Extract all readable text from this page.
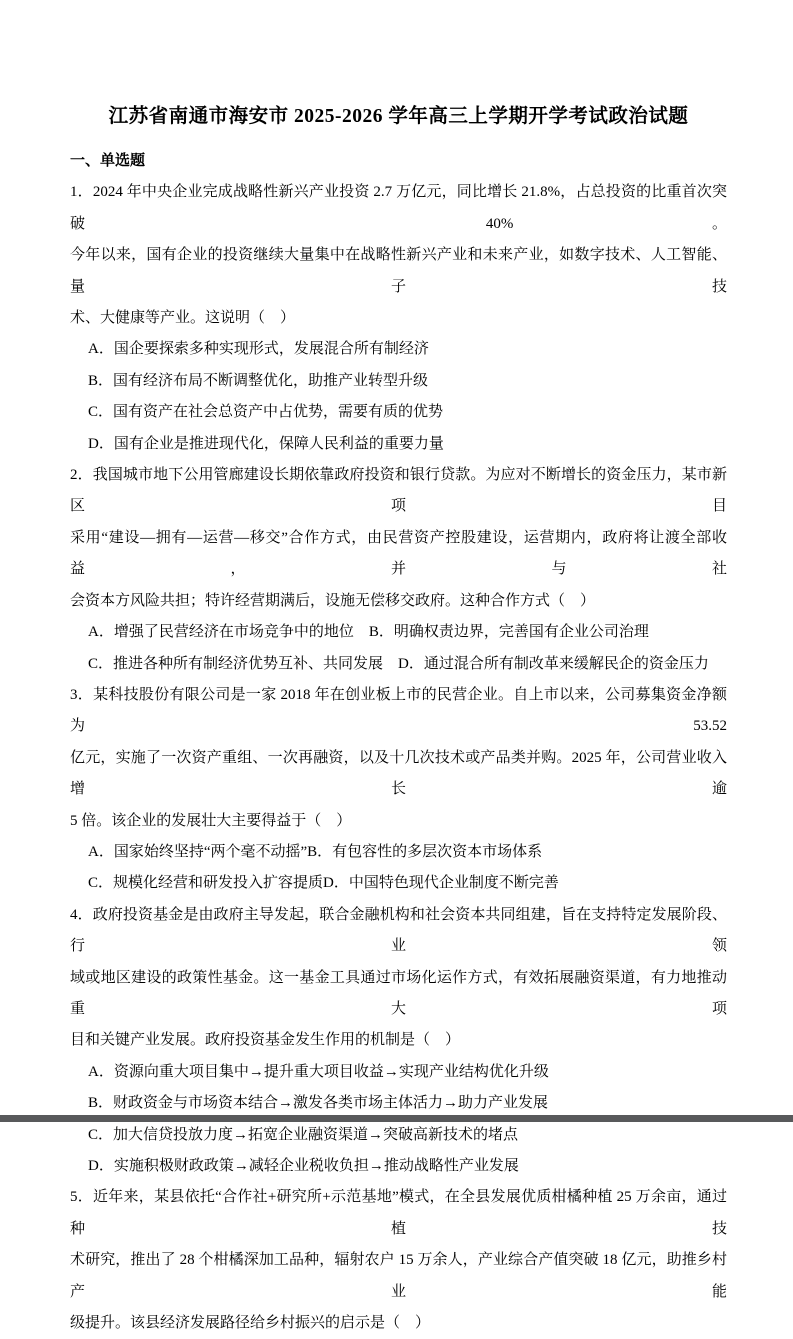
江苏省南通市海安市 2025-2026 学年高三上学期开学考试政治试题
一、单选题
1．2024 年中央企业完成战略性新兴产业投资 2.7 万亿元，同比增长 21.8%，占总投资的比重首次突破 40%。
今年以来，国有企业的投资继续大量集中在战略性新兴产业和未来产业，如数字技术、人工智能、量子技
术、大健康等产业。这说明（　）
A．国企要探索多种实现形式，发展混合所有制经济
B．国有经济布局不断调整优化，助推产业转型升级
C．国有资产在社会总资产中占优势，需要有质的优势
D．国有企业是推进现代化，保障人民利益的重要力量
2．我国城市地下公用管廊建设长期依靠政府投资和银行贷款。为应对不断增长的资金压力，某市新区项目
采用“建设—拥有—运营—移交”合作方式，由民营资产控股建设，运营期内，政府将让渡全部收益，并与社
会资本方风险共担；特许经营期满后，设施无偿移交政府。这种合作方式（　）
A．增强了民营经济在市场竞争中的地位　B．明确权责边界，完善国有企业公司治理
C．推进各种所有制经济优势互补、共同发展　D．通过混合所有制改革来缓解民企的资金压力
3．某科技股份有限公司是一家 2018 年在创业板上市的民营企业。自上市以来，公司募集资金净额为 53.52
亿元，实施了一次资产重组、一次再融资，以及十几次技术或产品类并购。2025 年，公司营业收入增长逾
5 倍。该企业的发展壮大主要得益于（　）
A．国家始终坚持“两个毫不动摇” B．有包容性的多层次资本市场体系
C．规模化经营和研发投入扩容提质 D．中国特色现代企业制度不断完善
4．政府投资基金是由政府主导发起，联合金融机构和社会资本共同组建，旨在支持特定发展阶段、行业领
域或地区建设的政策性基金。这一基金工具通过市场化运作方式，有效拓展融资渠道，有力地推动重大项
目和关键产业发展。政府投资基金发生作用的机制是（　）
A．资源向重大项目集中→提升重大项目收益→实现产业结构优化升级
B．财政资金与市场资本结合→激发各类市场主体活力→助力产业发展
C．加大信贷投放力度→拓宽企业融资渠道→突破高新技术的堵点
D．实施积极财政政策→减轻企业税收负担→推动战略性产业发展
5．近年来，某县依托“合作社+研究所+示范基地”模式，在全县发展优质柑橘种植 25 万余亩，通过种植技
术研究，推出了 28 个柑橘深加工品种，辐射农户 15 万余人，产业综合产值突破 18 亿元，助推乡村产业能
级提升。该县经济发展路径给乡村振兴的启示是（　）
